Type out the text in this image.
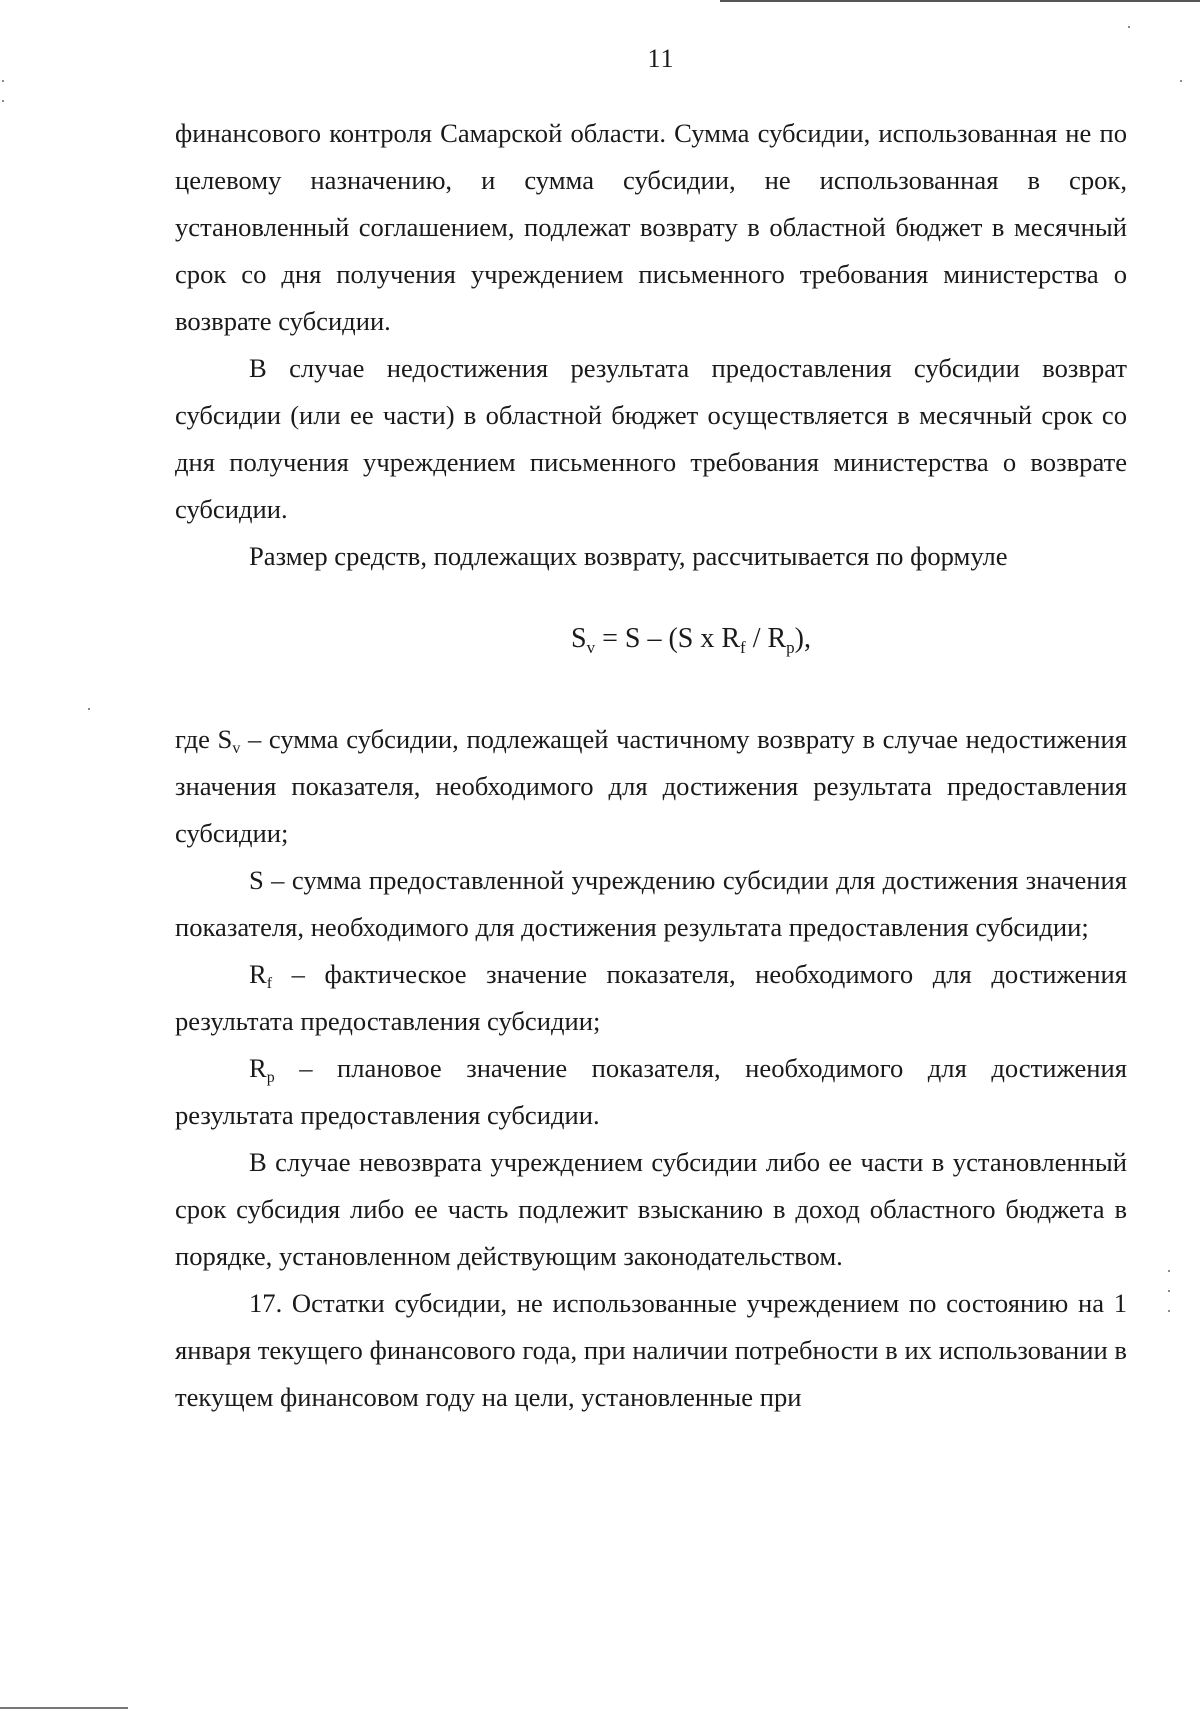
11

финансового контроля Самарской области. Сумма субсидии, использованная не по целевому назначению, и сумма субсидии, не использованная в срок, установленный соглашением, подлежат возврату в областной бюджет в месячный срок со дня получения учреждением письменного требования министерства о возврате субсидии.

В случае недостижения результата предоставления субсидии возврат субсидии (или ее части) в областной бюджет осуществляется в месячный срок со дня получения учреждением письменного требования министерства о возврате субсидии.

Размер средств, подлежащих возврату, рассчитывается по формуле

$S_v = S - (S$ x $R_f / R_p$),

где $S_v$ – сумма субсидии, подлежащей частичному возврату в случае недостижения значения показателя, необходимого для достижения результата предоставления субсидии;

S – сумма предоставленной учреждению субсидии для достижения значения показателя, необходимого для достижения результата предоставления субсидии;

$R_f$ – фактическое значение показателя, необходимого для достижения результата предоставления субсидии;

$R_p$ – плановое значение показателя, необходимого для достижения результата предоставления субсидии.

В случае невозврата учреждением субсидии либо ее части в установленный срок субсидия либо ее часть подлежит взысканию в доход областного бюджета в порядке, установленном действующим законодательством.

17. Остатки субсидии, не использованные учреждением по состоянию на 1 января текущего финансового года, при наличии потребности в их использовании в текущем финансовом году на цели, установленные при
